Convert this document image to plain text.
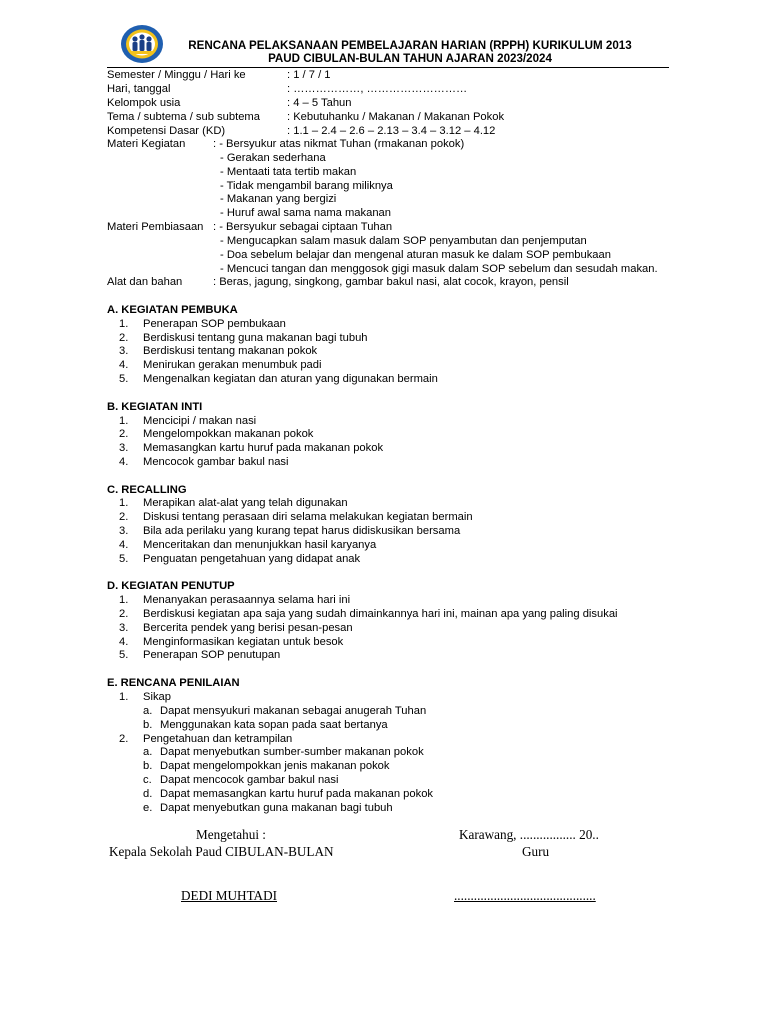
RENCANA PELAKSANAAN PEMBELAJARAN HARIAN (RPPH) KURIKULUM 2013
PAUD CIBULAN-BULAN TAHUN AJARAN 2023/2024
Semester / Minggu / Hari ke	: 1 / 7 / 1
Hari, tanggal	: ………………, ………………………
Kelompok usia	: 4 – 5 Tahun
Tema / subtema / sub subtema : Kebutuhanku / Makanan / Makanan Pokok
Kompetensi Dasar (KD)	: 1.1 – 2.4 – 2.6 – 2.13 – 3.4 – 3.12 – 4.12
Materi Kegiatan : - Bersyukur atas nikmat Tuhan (rmakanan pokok)
- Gerakan sederhana
- Mentaati tata tertib makan
- Tidak mengambil barang miliknya
- Makanan yang bergizi
- Huruf awal sama nama makanan
Materi Pembiasaan : - Bersyukur sebagai ciptaan Tuhan
- Mengucapkan salam masuk dalam SOP penyambutan dan penjemputan
- Doa sebelum belajar dan mengenal aturan masuk ke dalam SOP pembukaan
- Mencuci tangan dan menggosok gigi masuk dalam SOP sebelum dan sesudah makan.
Alat dan bahan	: Beras, jagung, singkong, gambar bakul nasi, alat cocok, krayon, pensil
A. KEGIATAN PEMBUKA
1. Penerapan SOP pembukaan
2. Berdiskusi tentang guna makanan bagi tubuh
3. Berdiskusi tentang makanan pokok
4. Menirukan gerakan menumbuk padi
5. Mengenalkan kegiatan dan aturan yang digunakan bermain
B. KEGIATAN INTI
1. Mencicipi / makan nasi
2. Mengelompokkan makanan pokok
3. Memasangkan kartu huruf pada makanan pokok
4. Mencocok gambar bakul nasi
C. RECALLING
1. Merapikan alat-alat yang telah digunakan
2. Diskusi tentang perasaan diri selama melakukan kegiatan bermain
3. Bila ada perilaku yang kurang tepat harus didiskusikan bersama
4. Menceritakan dan menunjukkan hasil karyanya
5. Penguatan pengetahuan yang didapat anak
D. KEGIATAN PENUTUP
1. Menanyakan perasaannya selama hari ini
2. Berdiskusi kegiatan apa saja yang sudah dimainkannya hari ini, mainan apa yang paling disukai
3. Bercerita pendek yang berisi pesan-pesan
4. Menginformasikan kegiatan untuk besok
5. Penerapan SOP penutupan
E. RENCANA PENILAIAN
1. Sikap
a. Dapat mensyukuri makanan sebagai anugerah Tuhan
b. Menggunakan kata sopan pada saat bertanya
2. Pengetahuan dan ketrampilan
a. Dapat menyebutkan sumber-sumber makanan pokok
b. Dapat mengelompokkan jenis makanan pokok
c. Dapat mencocok gambar bakul nasi
d. Dapat memasangkan kartu huruf pada makanan pokok
e. Dapat menyebutkan guna makanan bagi tubuh
Mengetahui :
Kepala Sekolah Paud CIBULAN-BULAN
DEDI MUHTADI
Karawang, ................. 20..
Guru
...........................................
